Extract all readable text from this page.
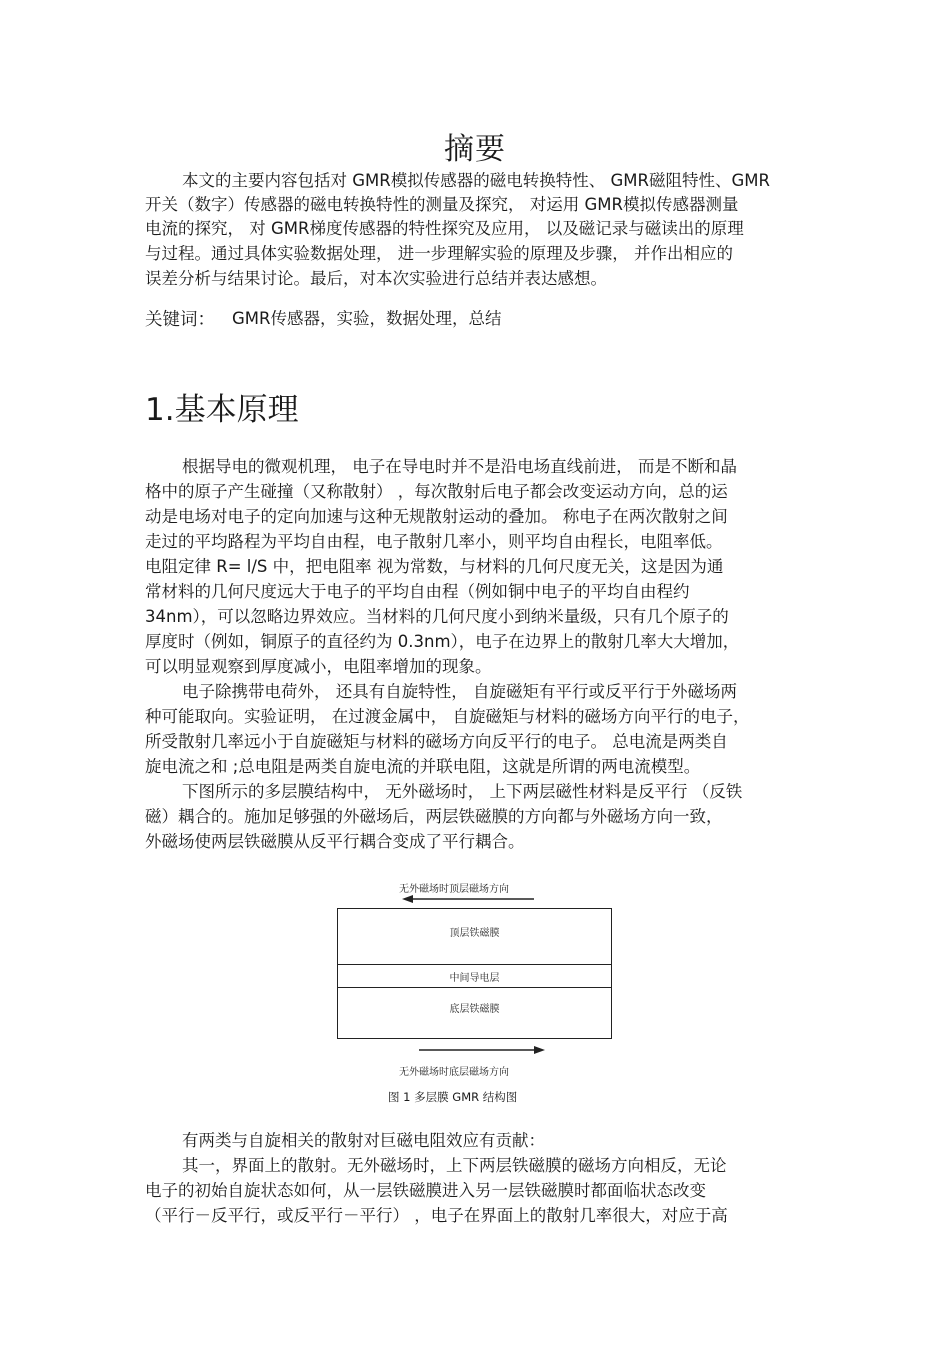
摘要
本文的主要内容包括对 GMR模拟传感器的磁电转换特性、 GMR磁阻特性、GMR
开关（数字）传感器的磁电转换特性的测量及探究， 对运用 GMR模拟传感器测量
电流的探究， 对 GMR梯度传感器的特性探究及应用， 以及磁记录与磁读出的原理
与过程。通过具体实验数据处理， 进一步理解实验的原理及步骤， 并作出相应的
误差分析与结果讨论。最后，对本次实验进行总结并表达感想。
关键词： GMR传感器，实验，数据处理，总结
1.基本原理
根据导电的微观机理， 电子在导电时并不是沿电场直线前进， 而是不断和晶
格中的原子产生碰撞（又称散射） ，每次散射后电子都会改变运动方向，总的运
动是电场对电子的定向加速与这种无规散射运动的叠加。 称电子在两次散射之间
走过的平均路程为平均自由程，电子散射几率小，则平均自由程长，电阻率低。
电阻定律 R= l/S 中，把电阻率 视为常数，与材料的几何尺度无关，这是因为通
常材料的几何尺度远大于电子的平均自由程（例如铜中电子的平均自由程约
34nm），可以忽略边界效应。当材料的几何尺度小到纳米量级，只有几个原子的
厚度时（例如，铜原子的直径约为 0.3nm），电子在边界上的散射几率大大增加，
可以明显观察到厚度减小，电阻率增加的现象。
电子除携带电荷外， 还具有自旋特性， 自旋磁矩有平行或反平行于外磁场两
种可能取向。实验证明， 在过渡金属中， 自旋磁矩与材料的磁场方向平行的电子，
所受散射几率远小于自旋磁矩与材料的磁场方向反平行的电子。 总电流是两类自
旋电流之和 ;总电阻是两类自旋电流的并联电阻，这就是所谓的两电流模型。
下图所示的多层膜结构中， 无外磁场时， 上下两层磁性材料是反平行 （反铁
磁）耦合的。施加足够强的外磁场后，两层铁磁膜的方向都与外磁场方向一致，
外磁场使两层铁磁膜从反平行耦合变成了平行耦合。
无外磁场时顶层磁场方向
顶层铁磁膜
中间导电层
底层铁磁膜
无外磁场时底层磁场方向
图 1 多层膜 GMR 结构图
有两类与自旋相关的散射对巨磁电阻效应有贡献：
其一，界面上的散射。无外磁场时，上下两层铁磁膜的磁场方向相反，无论
电子的初始自旋状态如何，从一层铁磁膜进入另一层铁磁膜时都面临状态改变
（平行－反平行，或反平行－平行） ，电子在界面上的散射几率很大，对应于高
